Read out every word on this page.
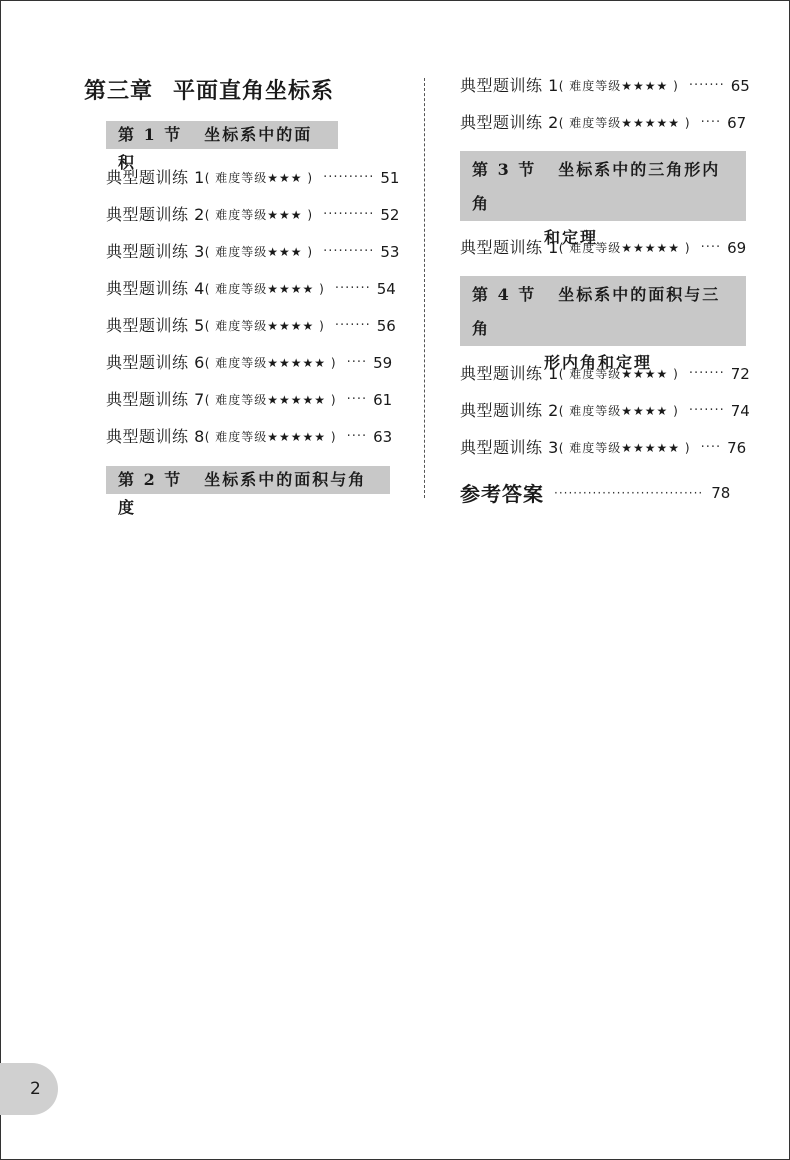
第三章 平面直角坐标系
第 1 节 坐标系中的面积
典型题训练 1 ( 难度等级★★★ ) ·········· 51
典型题训练 2 ( 难度等级★★★ ) ·········· 52
典型题训练 3 ( 难度等级★★★ ) ·········· 53
典型题训练 4 ( 难度等级★★★★ ) ······· 54
典型题训练 5 ( 难度等级★★★★ ) ······· 56
典型题训练 6 ( 难度等级★★★★★ ) ···· 59
典型题训练 7 ( 难度等级★★★★★ ) ···· 61
典型题训练 8 ( 难度等级★★★★★ ) ···· 63
第 2 节 坐标系中的面积与角度
典型题训练 1 ( 难度等级★★★★ ) ······· 65
典型题训练 2 ( 难度等级★★★★★ ) ···· 67
第 3 节 坐标系中的三角形内角
和定理
典型题训练 1 ( 难度等级★★★★★ ) ···· 69
第 4 节 坐标系中的面积与三角
形内角和定理
典型题训练 1 ( 难度等级★★★★ ) ······· 72
典型题训练 2 ( 难度等级★★★★ ) ······· 74
典型题训练 3 ( 难度等级★★★★★ ) ···· 76
参考答案 ······························· 78
2
